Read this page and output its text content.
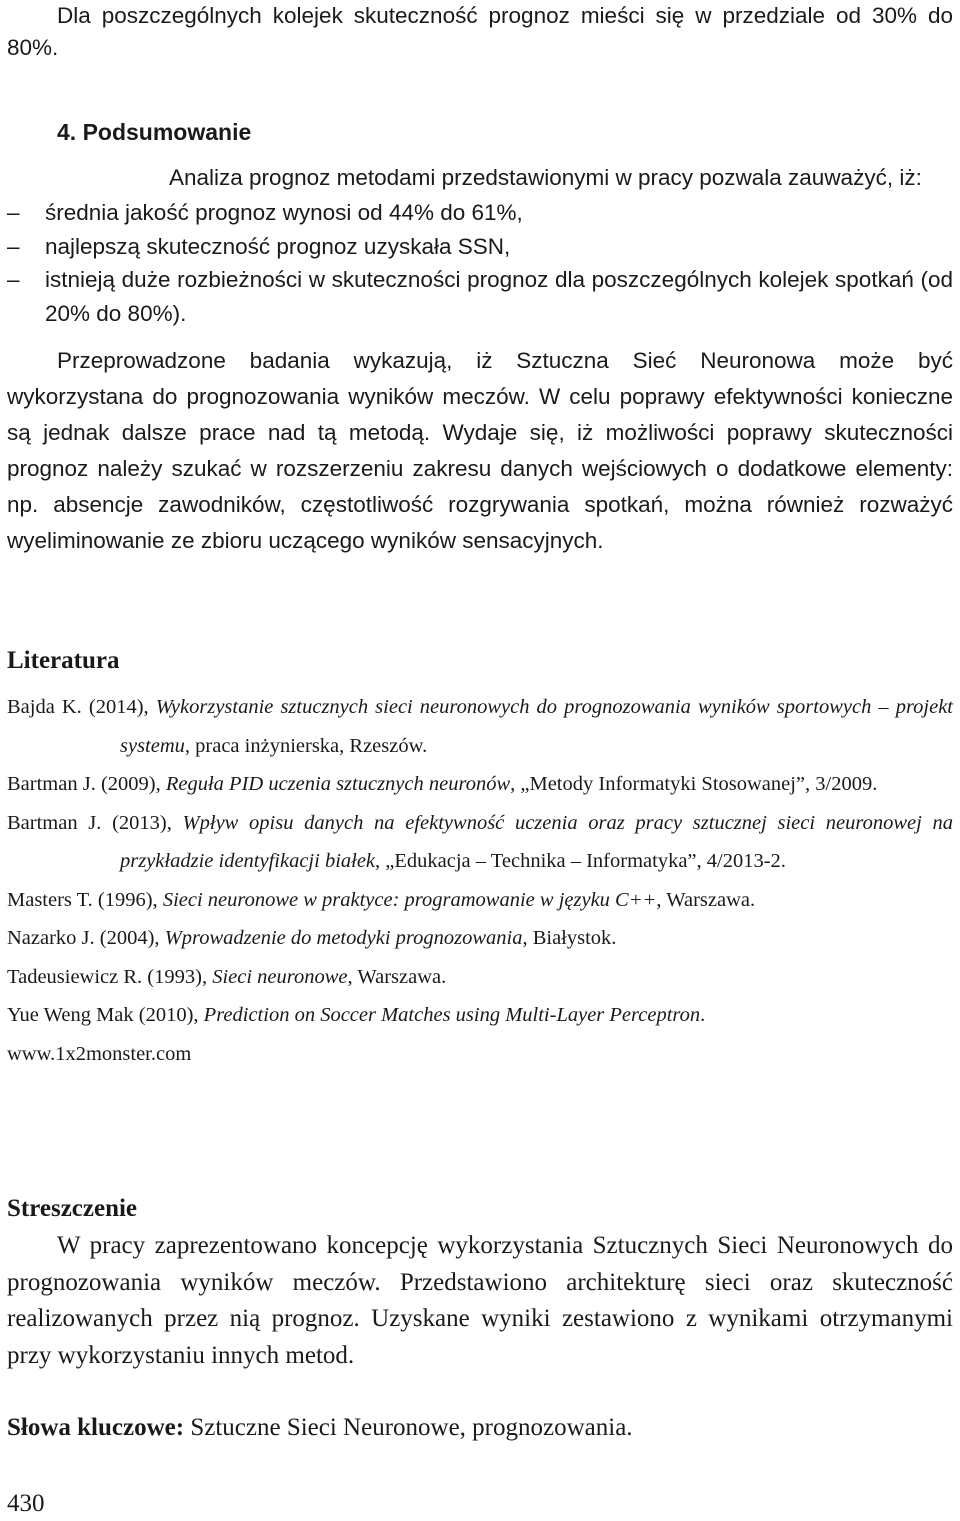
Dla poszczególnych kolejek skuteczność prognoz mieści się w przedziale od 30% do 80%.

4. Podsumowanie

Analiza prognoz metodami przedstawionymi w pracy pozwala zauważyć, iż:

– średnia jakość prognoz wynosi od 44% do 61%,
– najlepszą skuteczność prognoz uzyskała SSN,
– istnieją duże rozbieżności w skuteczności prognoz dla poszczególnych kolejek spotkań (od 20% do 80%).

Przeprowadzone badania wykazują, iż Sztuczna Sieć Neuronowa może być wykorzystana do prognozowania wyników meczów. W celu poprawy efektywności konieczne są jednak dalsze prace nad tą metodą. Wydaje się, iż możliwości poprawy skuteczności prognoz należy szukać w rozszerzeniu zakresu danych wejściowych o dodatkowe elementy: np. absencje zawodników, częstotliwość rozgrywania spotkań, można również rozważyć wyeliminowanie ze zbioru uczącego wyników sensacyjnych.

Literatura
Bajda K. (2014), Wykorzystanie sztucznych sieci neuronowych do prognozowania wyników sportowych – projekt systemu, praca inżynierska, Rzeszów.
Bartman J. (2009), Reguła PID uczenia sztucznych neuronów, „Metody Informatyki Stosowanej”, 3/2009.
Bartman J. (2013), Wpływ opisu danych na efektywność uczenia oraz pracy sztucznej sieci neuronowej na przykładzie identyfikacji białek, „Edukacja – Technika – Informatyka”, 4/2013-2.
Masters T. (1996), Sieci neuronowe w praktyce: programowanie w języku C++, Warszawa.
Nazarko J. (2004), Wprowadzenie do metodyki prognozowania, Białystok.
Tadeusiewicz R. (1993), Sieci neuronowe, Warszawa.
Yue Weng Mak (2010), Prediction on Soccer Matches using Multi-Layer Perceptron.
www.1x2monster.com
Streszczenie

W pracy zaprezentowano koncepcję wykorzystania Sztucznych Sieci Neuronowych do prognozowania wyników meczów. Przedstawiono architekturę sieci oraz skuteczność realizowanych przez nią prognoz. Uzyskane wyniki zestawiono z wynikami otrzymanymi przy wykorzystaniu innych metod.

Słowa kluczowe: Sztuczne Sieci Neuronowe, prognozowania.

430
